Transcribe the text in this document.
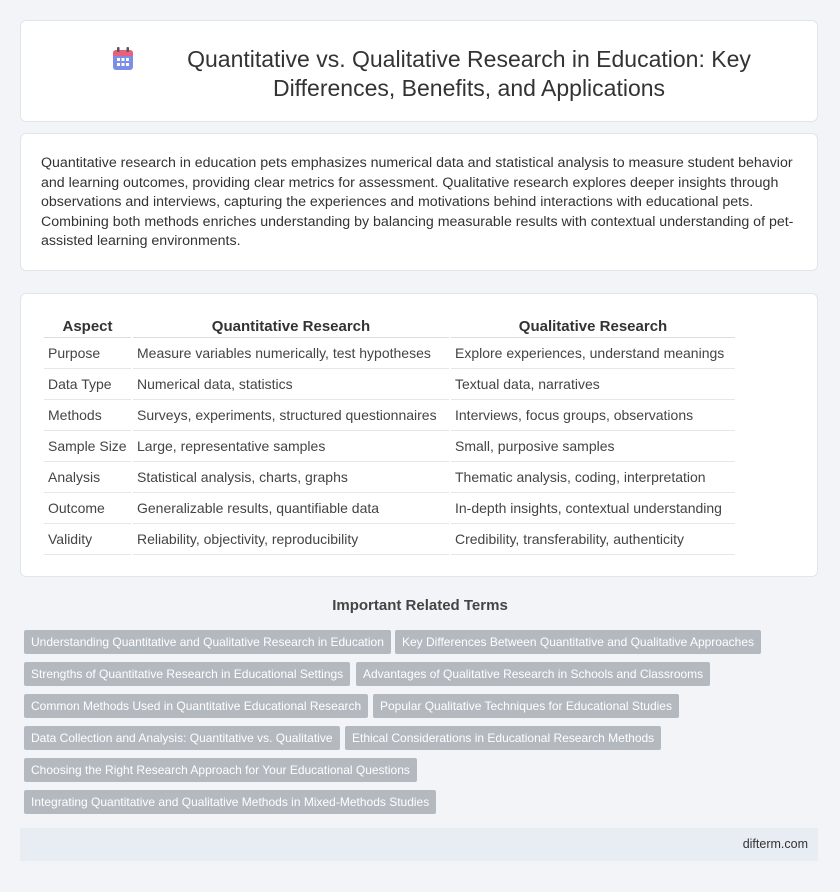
Quantitative vs. Qualitative Research in Education: Key Differences, Benefits, and Applications

Quantitative research in education pets emphasizes numerical data and statistical analysis to measure student behavior and learning outcomes, providing clear metrics for assessment. Qualitative research explores deeper insights through observations and interviews, capturing the experiences and motivations behind interactions with educational pets. Combining both methods enriches understanding by balancing measurable results with contextual understanding of pet-assisted learning environments.

Aspect	Quantitative Research	Qualitative Research
Purpose	Measure variables numerically, test hypotheses	Explore experiences, understand meanings
Data Type	Numerical data, statistics	Textual data, narratives
Methods	Surveys, experiments, structured questionnaires	Interviews, focus groups, observations
Sample Size	Large, representative samples	Small, purposive samples
Analysis	Statistical analysis, charts, graphs	Thematic analysis, coding, interpretation
Outcome	Generalizable results, quantifiable data	In-depth insights, contextual understanding
Validity	Reliability, objectivity, reproducibility	Credibility, transferability, authenticity
Important Related Terms
Understanding Quantitative and Qualitative Research in Education	Key Differences Between Quantitative and Qualitative Approaches
Strengths of Quantitative Research in Educational Settings	Advantages of Qualitative Research in Schools and Classrooms
Common Methods Used in Quantitative Educational Research	Popular Qualitative Techniques for Educational Studies
Data Collection and Analysis: Quantitative vs. Qualitative	Ethical Considerations in Educational Research Methods
Choosing the Right Research Approach for Your Educational Questions
Integrating Quantitative and Qualitative Methods in Mixed-Methods Studies
difterm.com
